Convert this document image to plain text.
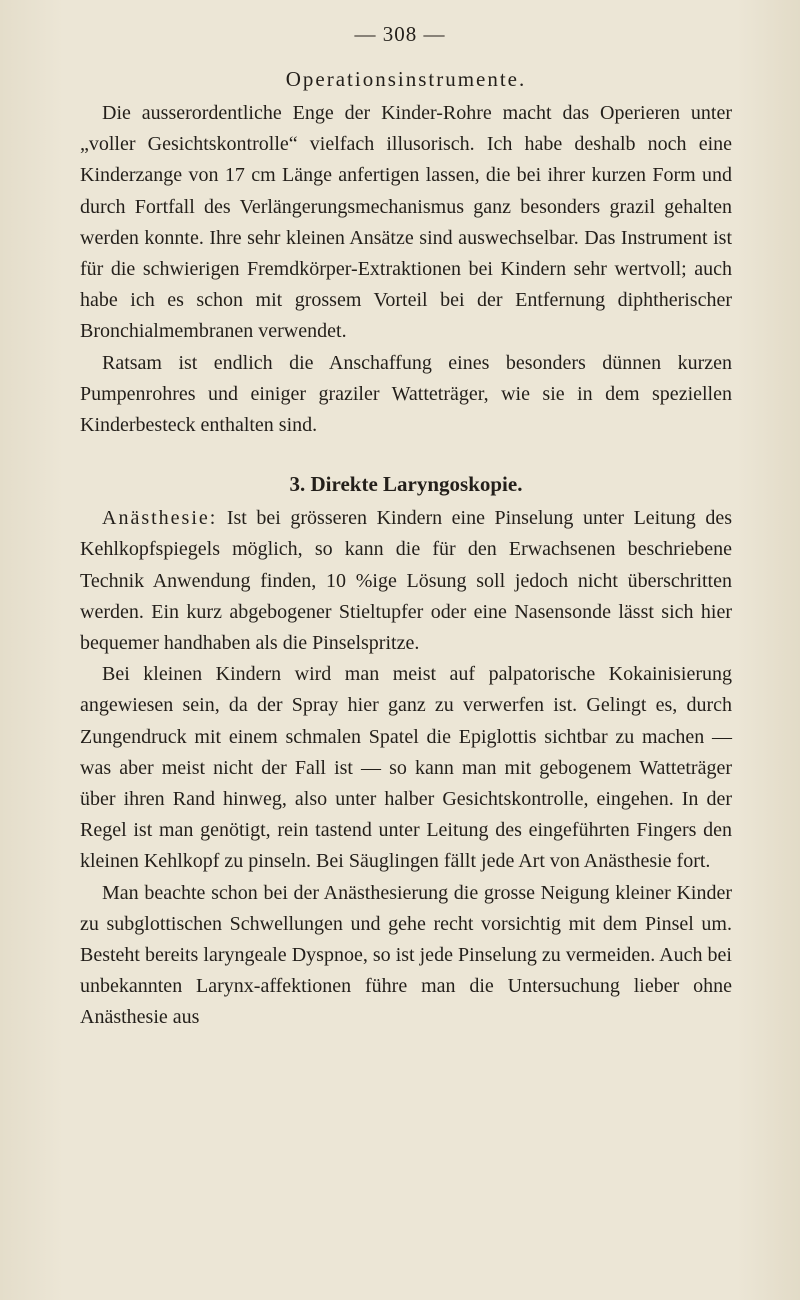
— 308 —
Operationsinstrumente.

Die ausserordentliche Enge der Kinder-Rohre macht das Operieren unter „voller Gesichtskontrolle“ vielfach illusorisch. Ich habe deshalb noch eine Kinderzange von 17 cm Länge anfertigen lassen, die bei ihrer kurzen Form und durch Fortfall des Verlängerungsmechanismus ganz besonders grazil gehalten werden konnte. Ihre sehr kleinen Ansätze sind auswechselbar. Das Instrument ist für die schwierigen Fremdkörper-Extraktionen bei Kindern sehr wertvoll; auch habe ich es schon mit grossem Vorteil bei der Entfernung diphtherischer Bronchialmembranen verwendet.

Ratsam ist endlich die Anschaffung eines besonders dünnen kurzen Pumpenrohres und einiger graziler Watteträger, wie sie in dem speziellen Kinderbesteck enthalten sind.

3. Direkte Laryngoskopie.

Anästhesie: Ist bei grösseren Kindern eine Pinselung unter Leitung des Kehlkopfspiegels möglich, so kann die für den Erwachsenen beschriebene Technik Anwendung finden, 10 %ige Lösung soll jedoch nicht überschritten werden. Ein kurz abgebogener Stieltupfer oder eine Nasensonde lässt sich hier bequemer handhaben als die Pinselspritze.

Bei kleinen Kindern wird man meist auf palpatorische Kokainisierung angewiesen sein, da der Spray hier ganz zu verwerfen ist. Gelingt es, durch Zungendruck mit einem schmalen Spatel die Epiglottis sichtbar zu machen — was aber meist nicht der Fall ist — so kann man mit gebogenem Watteträger über ihren Rand hinweg, also unter halber Gesichtskontrolle, eingehen. In der Regel ist man genötigt, rein tastend unter Leitung des eingeführten Fingers den kleinen Kehlkopf zu pinseln. Bei Säuglingen fällt jede Art von Anästhesie fort.

Man beachte schon bei der Anästhesierung die grosse Neigung kleiner Kinder zu subglottischen Schwellungen und gehe recht vorsichtig mit dem Pinsel um. Besteht bereits laryngeale Dyspnoe, so ist jede Pinselung zu vermeiden. Auch bei unbekannten Larynx-affektionen führe man die Untersuchung lieber ohne Anästhesie aus
